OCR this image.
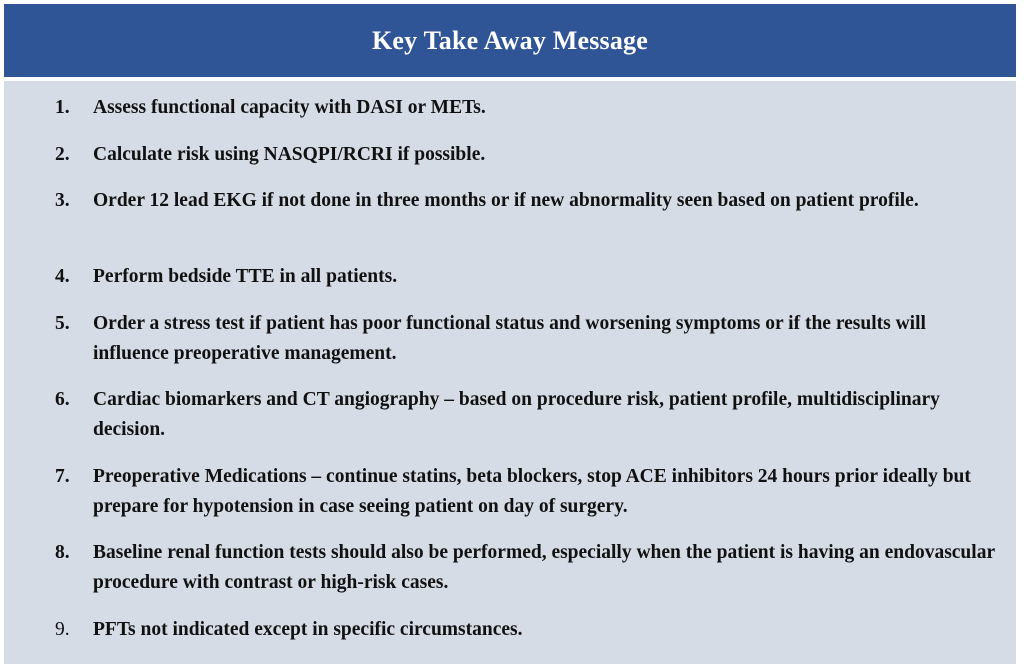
Key Take Away Message
1. Assess functional capacity with DASI or METs.
2. Calculate risk using NASQPI/RCRI if possible.
3. Order 12 lead EKG if not done in three months or if new abnormality seen based on patient profile.
4. Perform bedside TTE in all patients.
5. Order a stress test if patient has poor functional status and worsening symptoms or if the results will influence preoperative management.
6. Cardiac biomarkers and CT angiography – based on procedure risk, patient profile, multidisciplinary decision.
7. Preoperative Medications – continue statins, beta blockers, stop ACE inhibitors 24 hours prior ideally but prepare for hypotension in case seeing patient on day of surgery.
8. Baseline renal function tests should also be performed, especially when the patient is having an endovascular procedure with contrast or high-risk cases.
9. PFTs not indicated except in specific circumstances.
